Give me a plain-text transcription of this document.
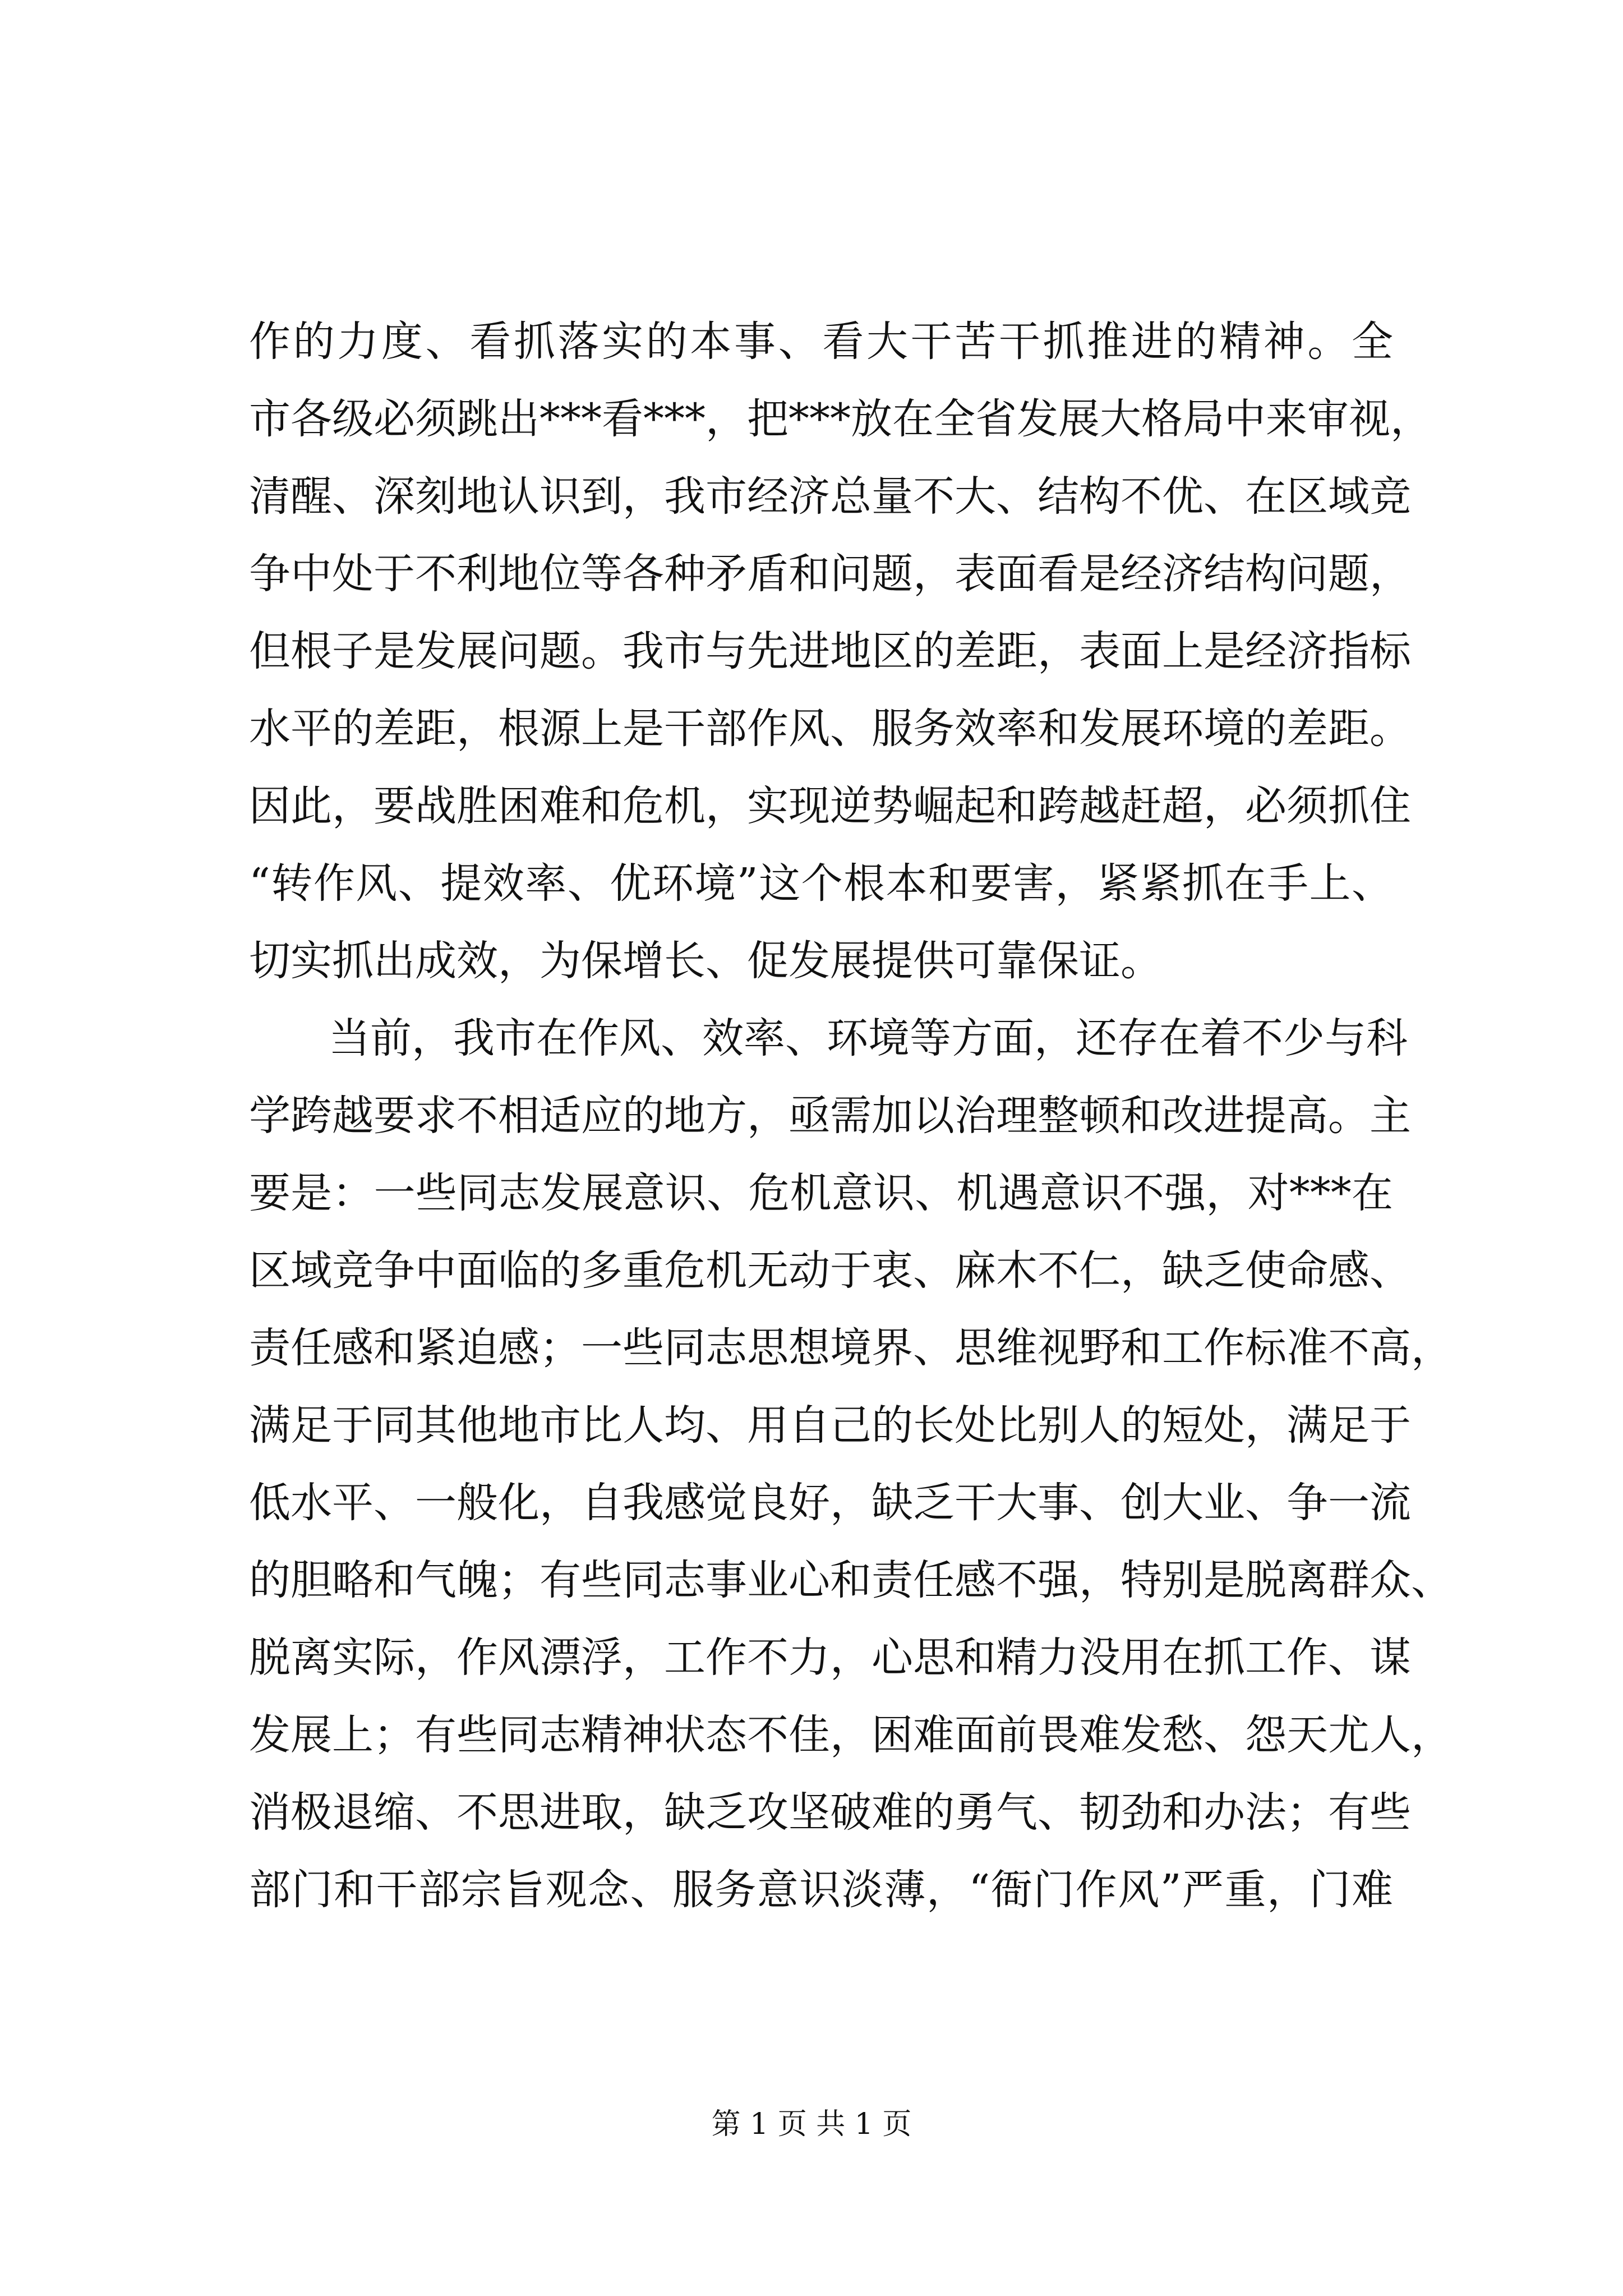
作的力度、看抓落实的本事、看大干苦干抓推进的精神。全
市各级必须跳出***看***，把***放在全省发展大格局中来审视，
清醒、深刻地认识到，我市经济总量不大、结构不优、在区域竞
争中处于不利地位等各种矛盾和问题，表面看是经济结构问题，
但根子是发展问题。我市与先进地区的差距，表面上是经济指标
水平的差距，根源上是干部作风、服务效率和发展环境的差距。
因此，要战胜困难和危机，实现逆势崛起和跨越赶超，必须抓住
“转作风、提效率、优环境”这个根本和要害，紧紧抓在手上、
切实抓出成效，为保增长、促发展提供可靠保证。
当前，我市在作风、效率、环境等方面，还存在着不少与科
学跨越要求不相适应的地方，亟需加以治理整顿和改进提高。主
要是：一些同志发展意识、危机意识、机遇意识不强，对***在
区域竞争中面临的多重危机无动于衷、麻木不仁，缺乏使命感、
责任感和紧迫感；一些同志思想境界、思维视野和工作标准不高，
满足于同其他地市比人均、用自己的长处比别人的短处，满足于
低水平、一般化，自我感觉良好，缺乏干大事、创大业、争一流
的胆略和气魄；有些同志事业心和责任感不强，特别是脱离群众、
脱离实际，作风漂浮，工作不力，心思和精力没用在抓工作、谋
发展上；有些同志精神状态不佳，困难面前畏难发愁、怨天尤人，
消极退缩、不思进取，缺乏攻坚破难的勇气、韧劲和办法；有些
部门和干部宗旨观念、服务意识淡薄，“衙门作风”严重，门难
第 1 页 共 1 页
